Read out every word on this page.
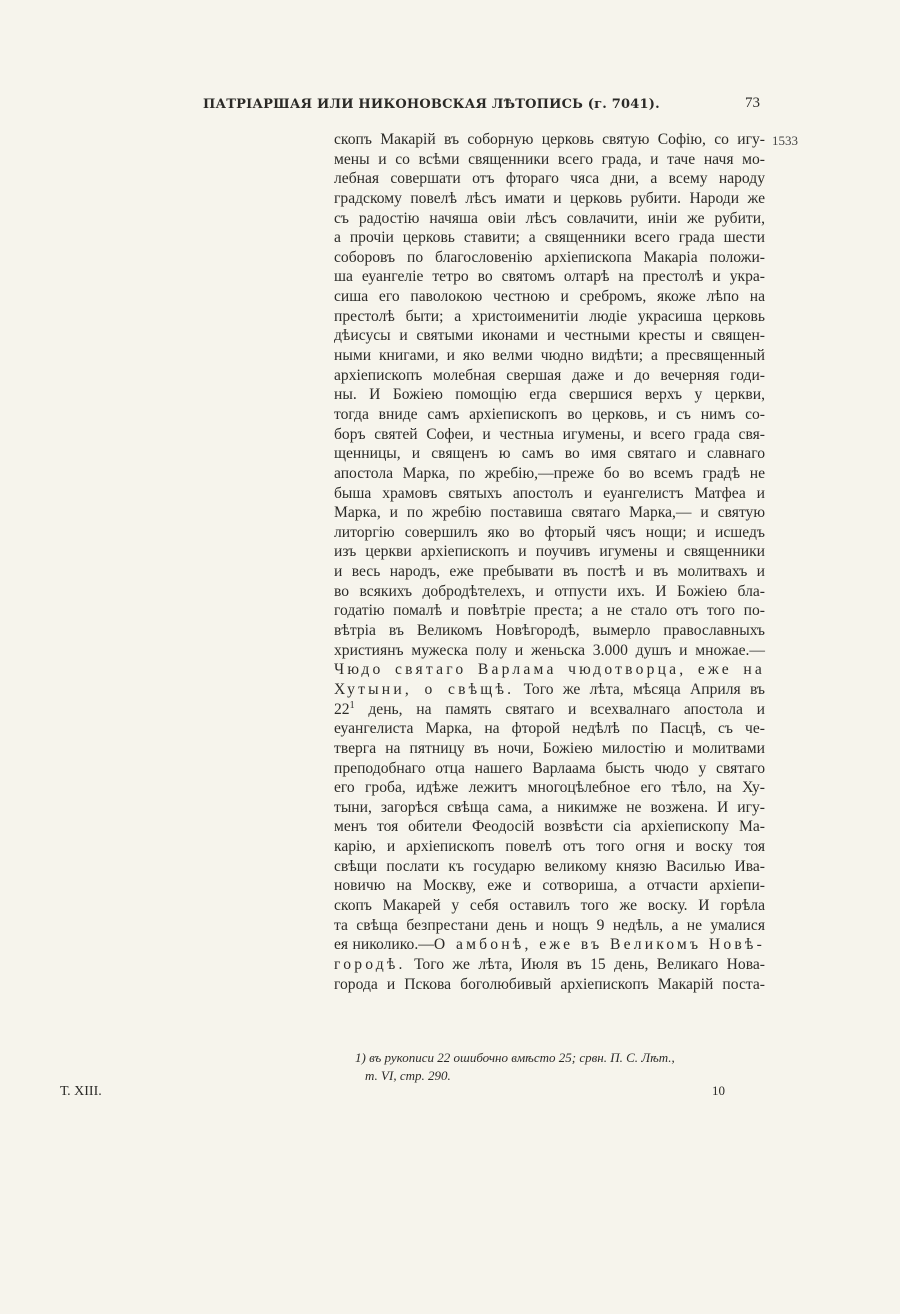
ПАТРІАРШАЯ ИЛИ НИКОНОВСКАЯ ЛѢТОПИСЬ (г. 7041).	73
1533
скопъ Макарій въ соборную церковь святую Софію, со игу-
мены и со всѣми священники всего града, и таче начя мо-
лебная совершати отъ фтораго чяса дни, а всему народу
градскому повелѣ лѣсъ имати и церковь рубити. Народи же
съ радостію начяша овіи лѣсъ совлачити, иніи же рубити,
а прочіи церковь ставити; а священники всего града шести
соборовъ по благословенію архіепископа Макаріа положи-
ша еуангеліе тетро во святомъ олтарѣ на престолѣ и укра-
сиша его паволокою честною и сребромъ, якоже лѣпо на
престолѣ быти; а христоименитіи людіе украсиша церковь
дѣисусы и святыми иконами и честными кресты и священ-
ными книгами, и яко велми чюдно видѣти; а пресвященный
архіепископъ молебная свершая даже и до вечерняя годи-
ны. И Божіею помощію егда свершися верхъ у церкви,
тогда вниде самъ архіепископъ во церковь, и съ нимъ со-
боръ святей Софеи, и честныа игумены, и всего града свя-
щенницы, и священъ ю самъ во имя святаго и славнаго
апостола Марка, по жребію,—преже бо во всемъ градѣ не
быша храмовъ святыхъ апостолъ и еуангелистъ Матфеа и
Марка, и по жребію поставиша святаго Марка,— и святую
литоргію совершилъ яко во фторый чясъ нощи; и исшедъ
изъ церкви архіепископъ и поучивъ игумены и священники
и весь народъ, еже пребывати въ постѣ и въ молитвахъ и
во всякихъ добродѣтелехъ, и отпусти ихъ. И Божіею бла-
годатію помалѣ и повѣтріе преста; а не стало отъ того по-
вѣтріа въ Великомъ Новѣгородѣ, вымерло православныхъ
християнъ мужеска полу и женьска 3.000 душъ и множае.—
Чюдо святаго Варлама чюдотворца, еже на
Хутыни, о свѣщѣ. Того же лѣта, мѣсяца Априля въ
$22^1$ день, на память святаго и всехвалнаго апостола и
еуангелиста Марка, на фторой недѣлѣ по Пасцѣ, съ че-
тверга на пятницу въ ночи, Божіею милостію и молитвами
преподобнаго отца нашего Варлаама бысть чюдо у святаго
его гроба, идѣже лежитъ многоцѣлебное его тѣло, на Ху-
тыни, загорѣся свѣща сама, а никимже не возжена. И игу-
менъ тоя обители Феодосій возвѣсти сіа архіепископу Ма-
карію, и архіепископъ повелѣ отъ того огня и воску тоя
свѣщи послати къ государю великому князю Василью Ива-
новичю на Москву, еже и сотвориша, а отчасти архіепи-
скопъ Макарей у себя оставилъ того же воску. И горѣла
та свѣща безпрестани день и нощъ 9 недѣль, а не умалися
ея николико.—О амбонѣ, еже въ Великомъ Новѣ-
городѣ. Того же лѣта, Июля въ 15 день, Великаго Нова-
города и Пскова боголюбивый архіепископъ Макарій поста-
1) въ рукописи 22 ошибочно вмѣсто 25; срвн. П. С. Лѣт.,
т. VI, стр. 290.
Т. XIII.	10
